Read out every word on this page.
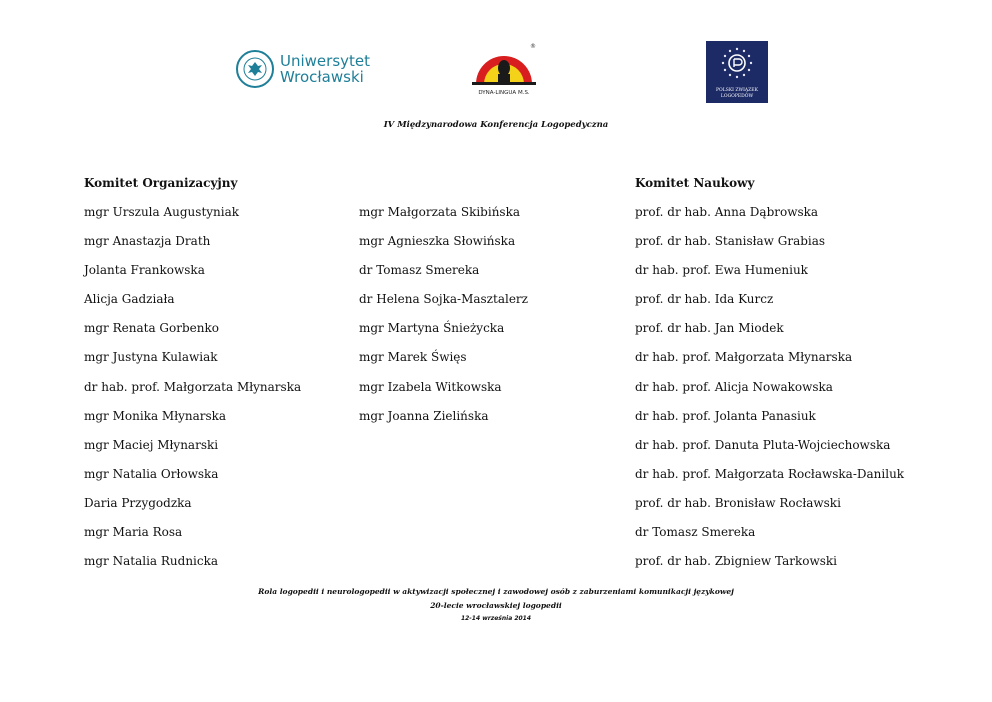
Uniwersytet
Wrocławski
®
DYNA-LINGUA M.S.	POLSKI ZWIĄZEK
LOGOPEDÓW
IV Międzynarodowa Konferencja Logopedyczna
Komitet Organizacyjny	Komitet Naukowy
mgr Urszula Augustyniak
mgr Anastazja Drath
Jolanta Frankowska
Alicja Gadziała
mgr Renata Gorbenko
mgr Justyna Kulawiak
dr hab. prof. Małgorzata Młynarska
mgr Monika Młynarska
mgr Maciej Młynarski
mgr Natalia Orłowska
Daria Przygodzka
mgr Maria Rosa
mgr Natalia Rudnicka
mgr Małgorzata Skibińska
mgr Agnieszka Słowińska
dr Tomasz Smereka
dr Helena Sojka-Masztalerz
mgr Martyna Śnieżycka
mgr Marek Święs
mgr Izabela Witkowska
mgr Joanna Zielińska
prof. dr hab. Anna Dąbrowska
prof. dr hab. Stanisław Grabias
dr hab. prof. Ewa Humeniuk
prof. dr hab. Ida Kurcz
prof. dr hab. Jan Miodek
dr hab. prof. Małgorzata Młynarska
dr hab. prof. Alicja Nowakowska
dr hab. prof. Jolanta Panasiuk
dr hab. prof. Danuta Pluta-Wojciechowska
dr hab. prof. Małgorzata Rocławska-Daniluk
prof. dr hab. Bronisław Rocławski
dr Tomasz Smereka
prof. dr hab. Zbigniew Tarkowski
Rola logopedii i neurologopedii w aktywizacji społecznej i zawodowej osób z zaburzeniami komunikacji językowej
20-lecie wrocławskiej logopedii
12-14 września 2014
